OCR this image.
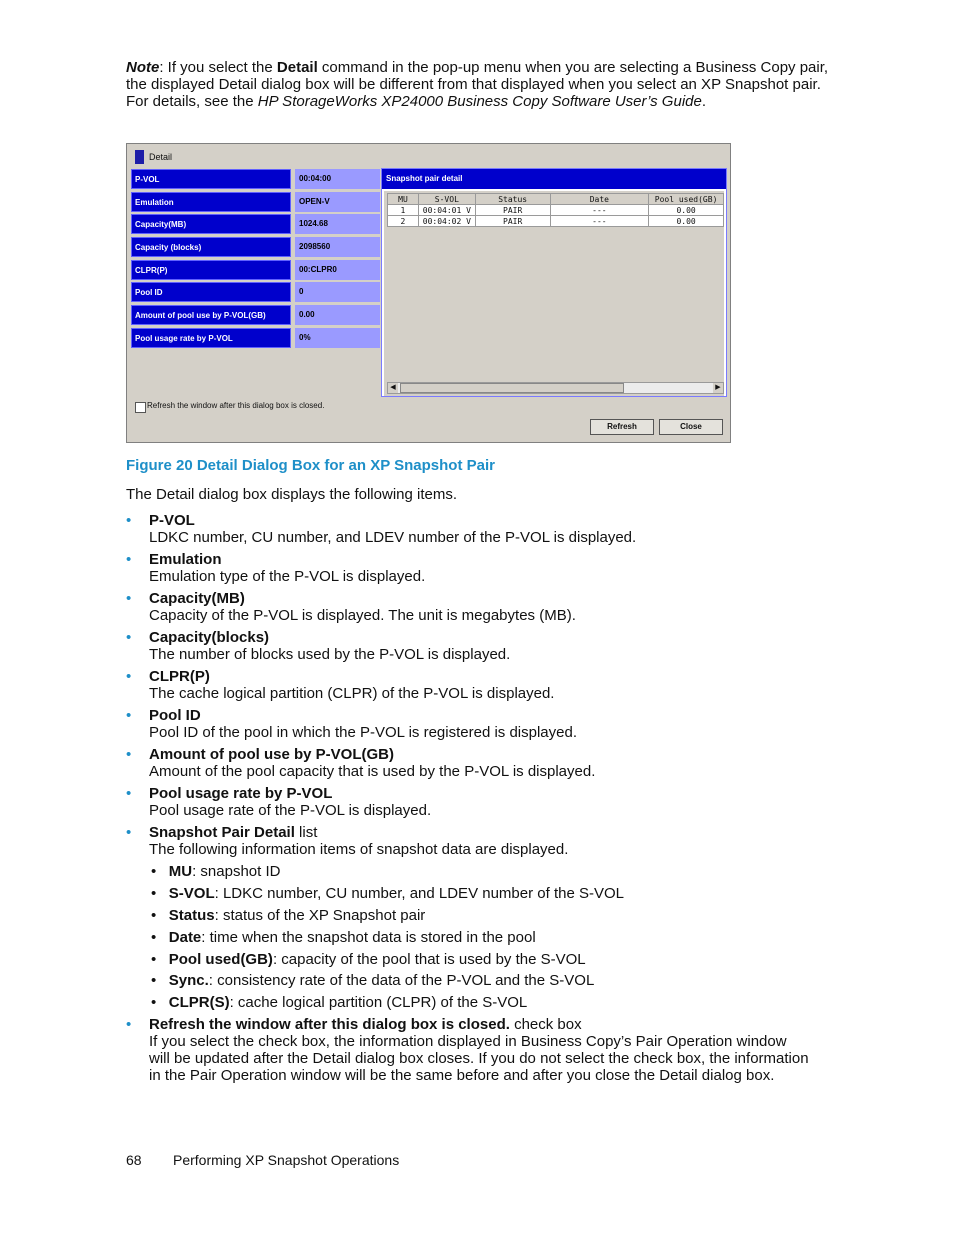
Note: If you select the Detail command in the pop-up menu when you are selecting a Business Copy pair, the displayed Detail dialog box will be different from that displayed when you select an XP Snapshot pair. For details, see the HP StorageWorks XP24000 Business Copy Software User’s Guide.

Detail
P-VOL	00:04:00
Emulation	OPEN-V
Capacity(MB)	1024.68
Capacity (blocks)	2098560
CLPR(P)	00:CLPR0
Pool ID	0
Amount of pool use by P-VOL(GB)	0.00
Pool usage rate by P-VOL	0%
Snapshot pair detail
MU	S-VOL	Status	Date	Pool used(GB)
1	00:04:01 V	PAIR	---	0.00
2	00:04:02 V	PAIR	---	0.00
◀	▶
Refresh the window after this dialog box is closed.
Refresh	Close
Figure 20 Detail Dialog Box for an XP Snapshot Pair
The Detail dialog box displays the following items.
• P-VOL
LDKC number, CU number, and LDEV number of the P-VOL is displayed.
• Emulation
Emulation type of the P-VOL is displayed.
• Capacity(MB)
Capacity of the P-VOL is displayed. The unit is megabytes (MB).
• Capacity(blocks)
The number of blocks used by the P-VOL is displayed.
• CLPR(P)
The cache logical partition (CLPR) of the P-VOL is displayed.
• Pool ID
Pool ID of the pool in which the P-VOL is registered is displayed.
• Amount of pool use by P-VOL(GB)
Amount of the pool capacity that is used by the P-VOL is displayed.
• Pool usage rate by P-VOL
Pool usage rate of the P-VOL is displayed.
• Snapshot Pair Detail list
The following information items of snapshot data are displayed.
•   MU: snapshot ID
•   S-VOL: LDKC number, CU number, and LDEV number of the S-VOL
•   Status: status of the XP Snapshot pair
•   Date: time when the snapshot data is stored in the pool
•   Pool used(GB): capacity of the pool that is used by the S-VOL
•   Sync.: consistency rate of the data of the P-VOL and the S-VOL
•   CLPR(S): cache logical partition (CLPR) of the S-VOL
• Refresh the window after this dialog box is closed. check box

If you select the check box, the information displayed in Business Copy’s Pair Operation window will be updated after the Detail dialog box closes. If you do not select the check box, the information in the Pair Operation window will be the same before and after you close the Detail dialog box.

68 Performing XP Snapshot Operations
